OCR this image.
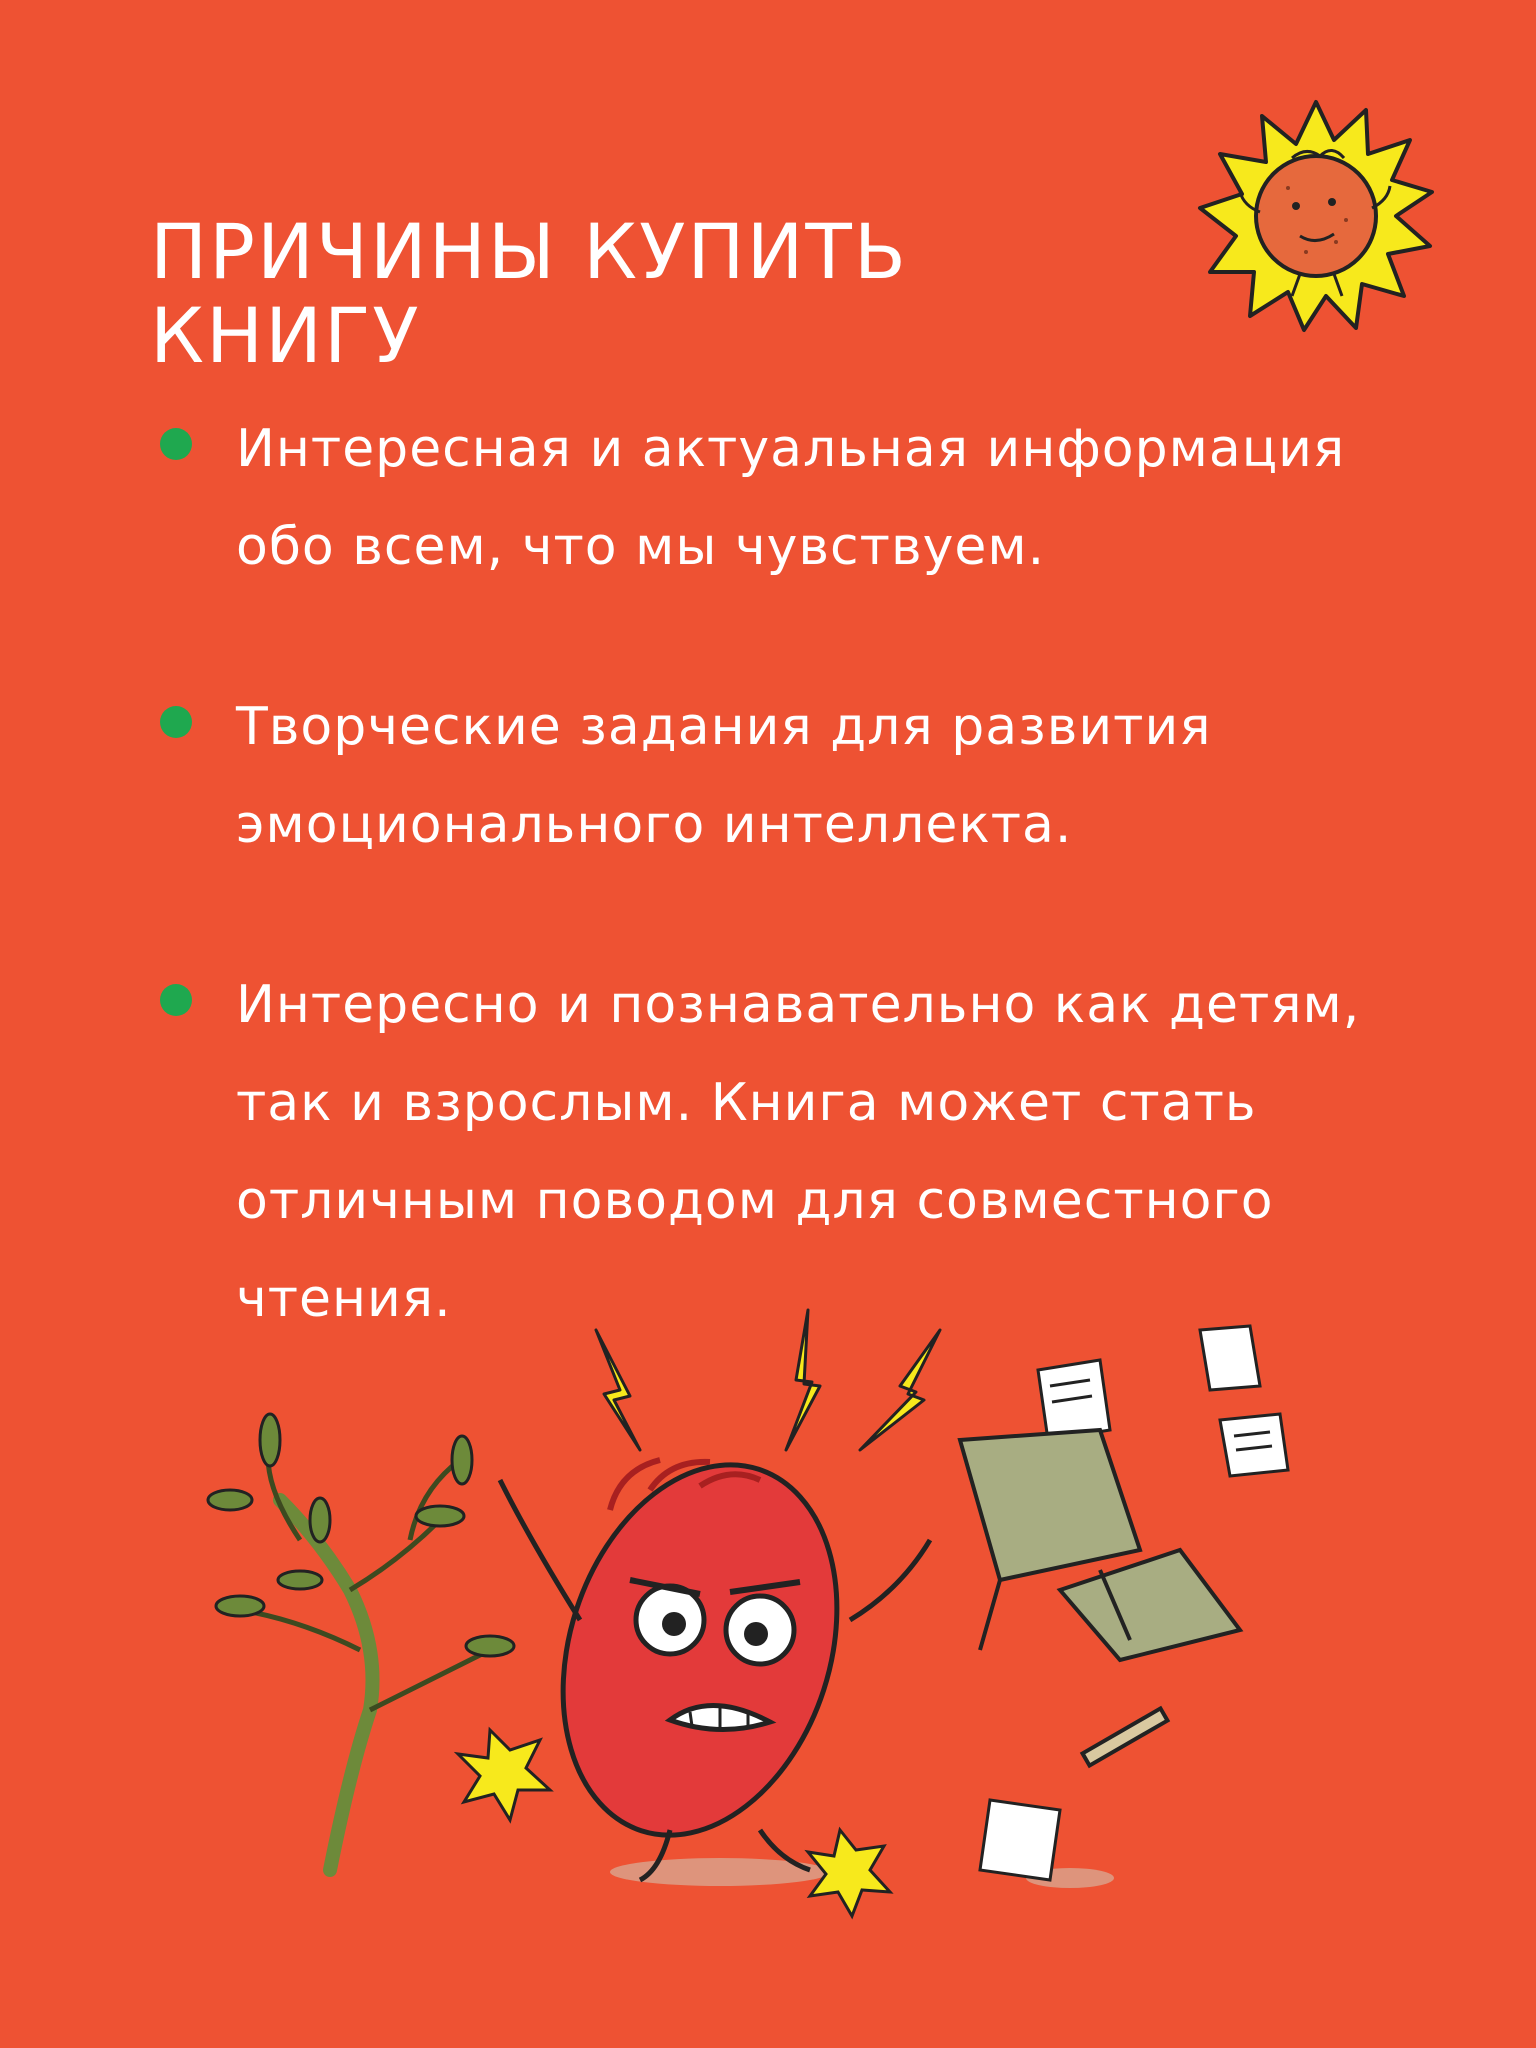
ПРИЧИНЫ КУПИТЬ КНИГУ
Интересная и актуальная информация обо всем, что мы чувствуем.
Творческие задания для развития эмоционального интеллекта.
Интересно и познавательно как детям, так и взрослым. Книга может стать отличным поводом для совместного чтения.
